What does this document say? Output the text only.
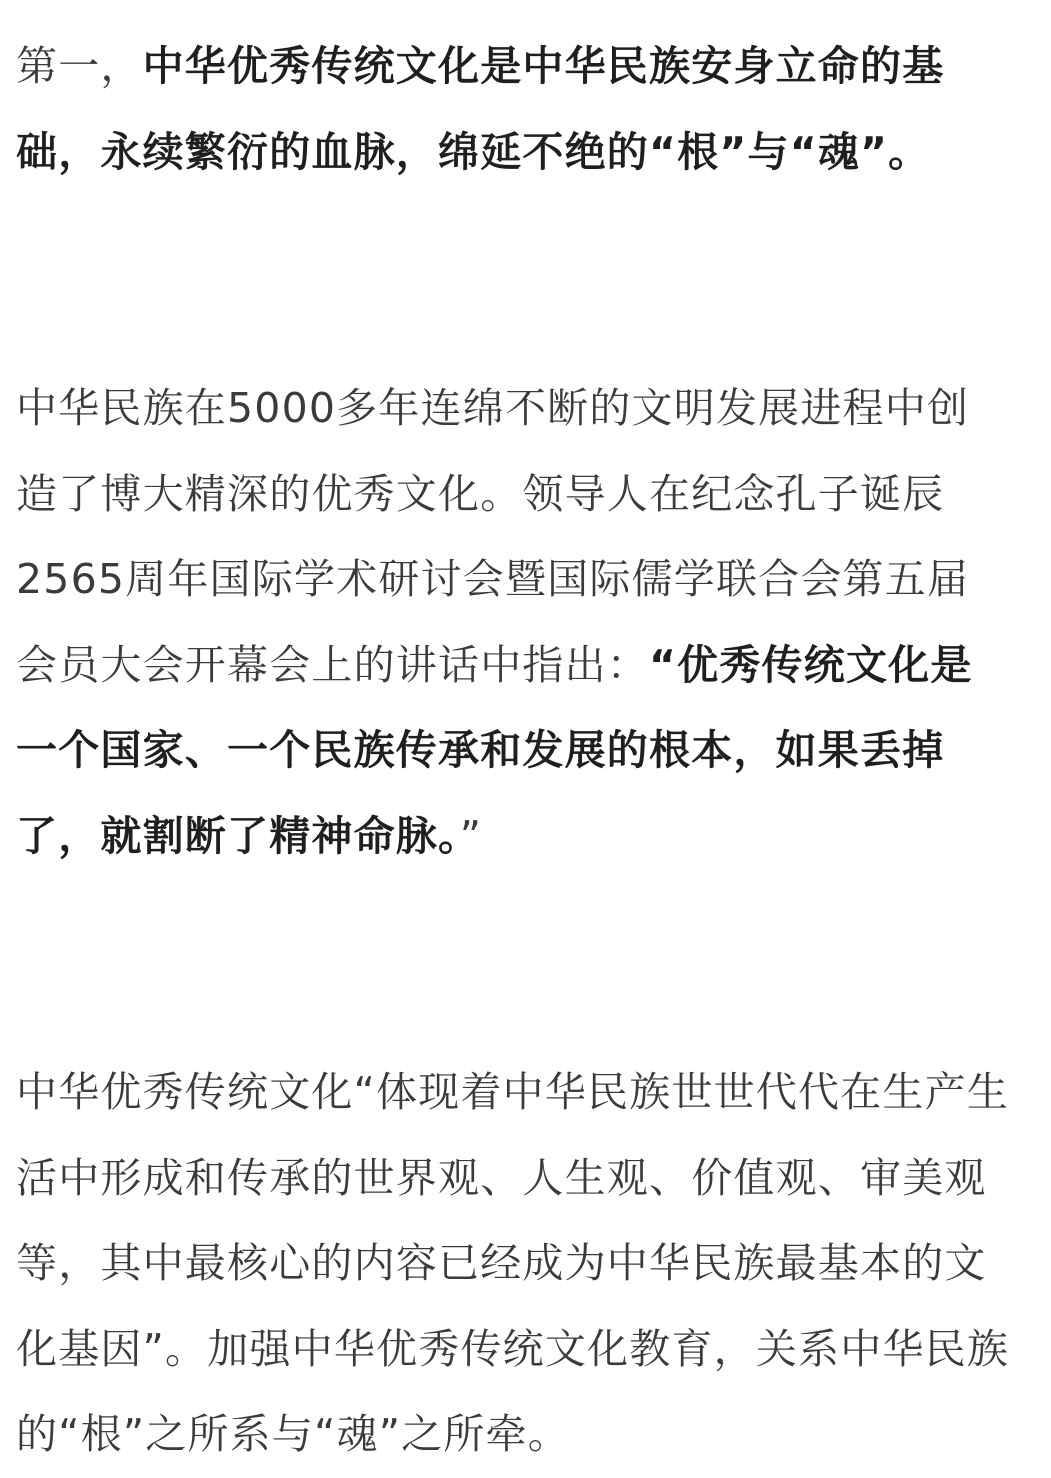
第一，中华优秀传统文化是中华民族安身立命的基础，永续繁衍的血脉，绵延不绝的“根”与“魂”。

中华民族在5000多年连绵不断的文明发展进程中创造了博大精深的优秀文化。领导人在纪念孔子诞辰2565周年国际学术研讨会暨国际儒学联合会第五届会员大会开幕会上的讲话中指出：“优秀传统文化是一个国家、一个民族传承和发展的根本，如果丢掉了，就割断了精神命脉。”

中华优秀传统文化“体现着中华民族世世代代在生产生活中形成和传承的世界观、人生观、价值观、审美观等，其中最核心的内容已经成为中华民族最基本的文化基因”。加强中华优秀传统文化教育，关系中华民族的“根”之所系与“魂”之所牵。
